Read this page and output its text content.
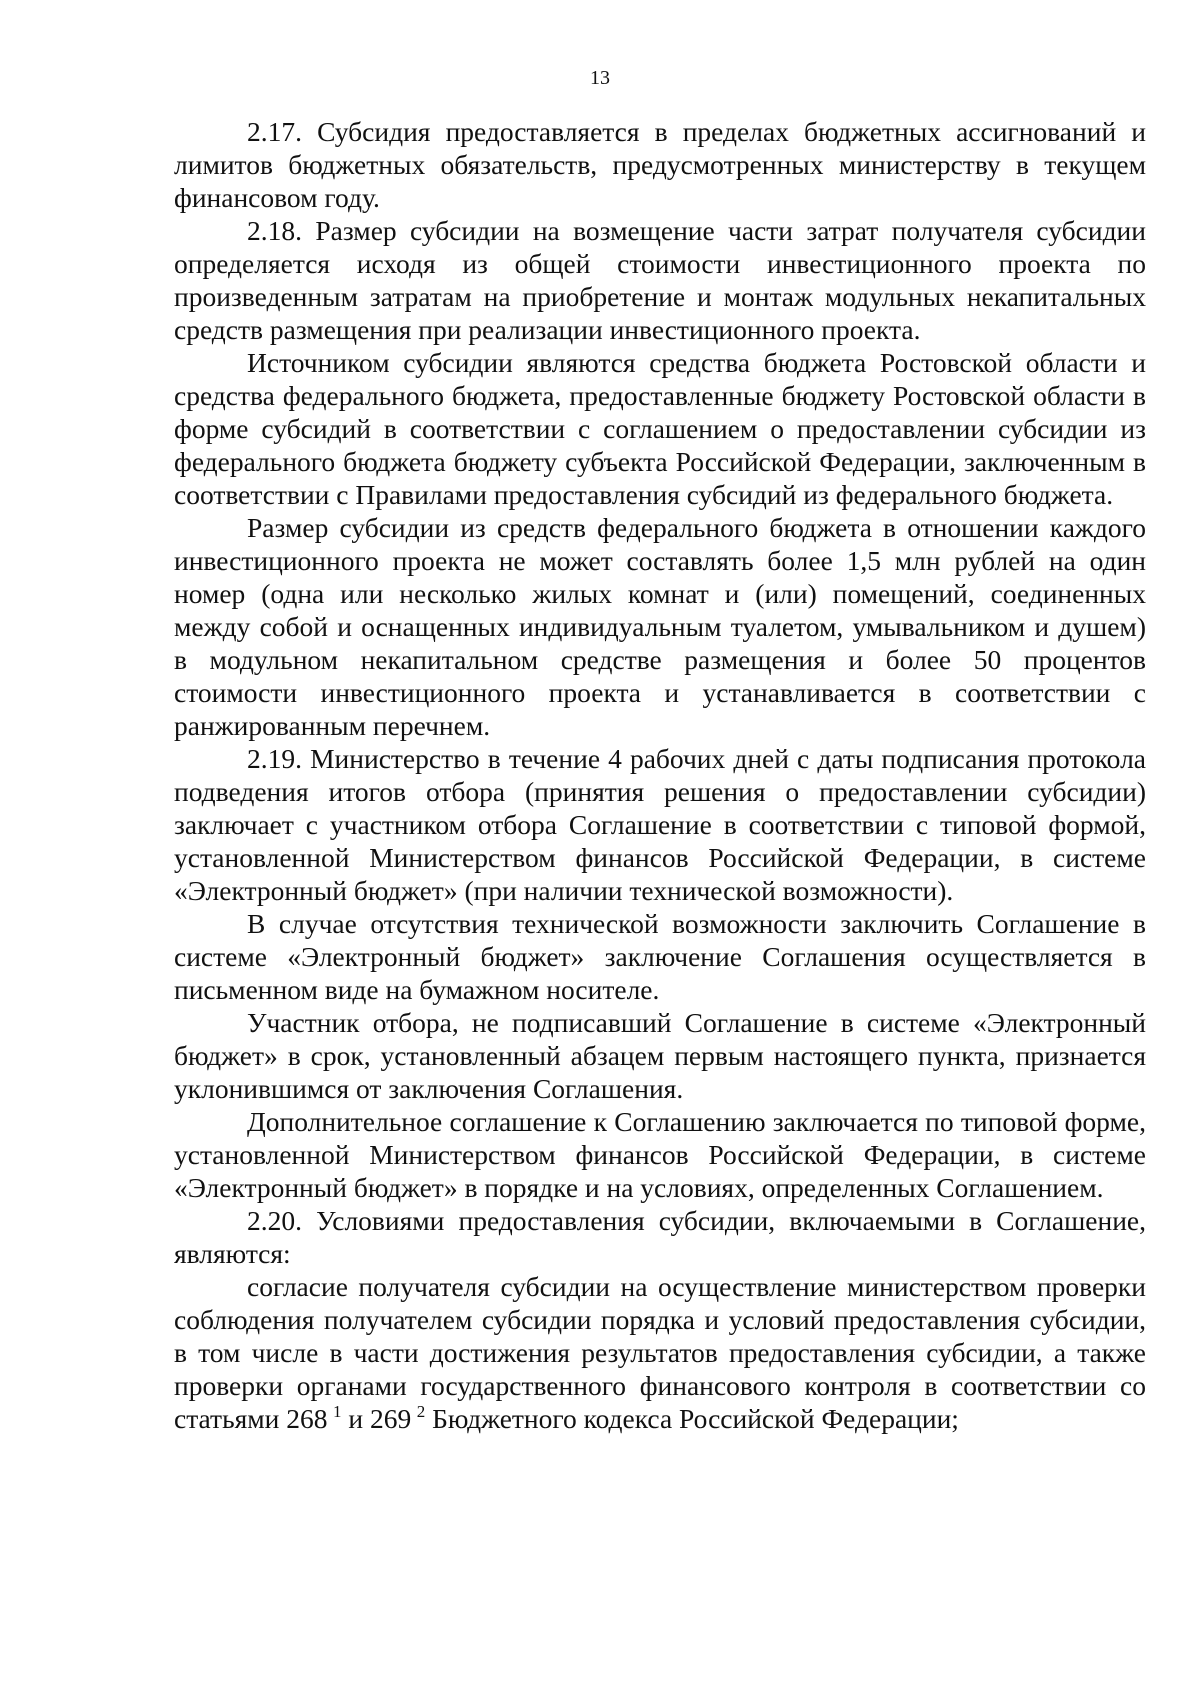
13

2.17. Субсидия предоставляется в пределах бюджетных ассигнований и лимитов бюджетных обязательств, предусмотренных министерству в текущем финансовом году.

2.18. Размер субсидии на возмещение части затрат получателя субсидии определяется исходя из общей стоимости инвестиционного проекта по произведенным затратам на приобретение и монтаж модульных некапитальных средств размещения при реализации инвестиционного проекта.

Источником субсидии являются средства бюджета Ростовской области и средства федерального бюджета, предоставленные бюджету Ростовской области в форме субсидий в соответствии с соглашением о предоставлении субсидии из федерального бюджета бюджету субъекта Российской Федерации, заключенным в соответствии с Правилами предоставления субсидий из федерального бюджета.

Размер субсидии из средств федерального бюджета в отношении каждого инвестиционного проекта не может составлять более 1,5 млн рублей на один номер (одна или несколько жилых комнат и (или) помещений, соединенных между собой и оснащенных индивидуальным туалетом, умывальником и душем) в модульном некапитальном средстве размещения и более 50 процентов стоимости инвестиционного проекта и устанавливается в соответствии с ранжированным перечнем.

2.19. Министерство в течение 4 рабочих дней с даты подписания протокола подведения итогов отбора (принятия решения о предоставлении субсидии) заключает с участником отбора Соглашение в соответствии с типовой формой, установленной Министерством финансов Российской Федерации, в системе «Электронный бюджет» (при наличии технической возможности).

В случае отсутствия технической возможности заключить Соглашение в системе «Электронный бюджет» заключение Соглашения осуществляется в письменном виде на бумажном носителе.

Участник отбора, не подписавший Соглашение в системе «Электронный бюджет» в срок, установленный абзацем первым настоящего пункта, признается уклонившимся от заключения Соглашения.

Дополнительное соглашение к Соглашению заключается по типовой форме, установленной Министерством финансов Российской Федерации, в системе «Электронный бюджет» в порядке и на условиях, определенных Соглашением.

2.20. Условиями предоставления субсидии, включаемыми в Соглашение, являются:

согласие получателя субсидии на осуществление министерством проверки соблюдения получателем субсидии порядка и условий предоставления субсидии, в том числе в части достижения результатов предоставления субсидии, а также проверки органами государственного финансового контроля в соответствии со статьями 268  $^1$ и 269  $^2$ Бюджетного кодекса Российской Федерации;
